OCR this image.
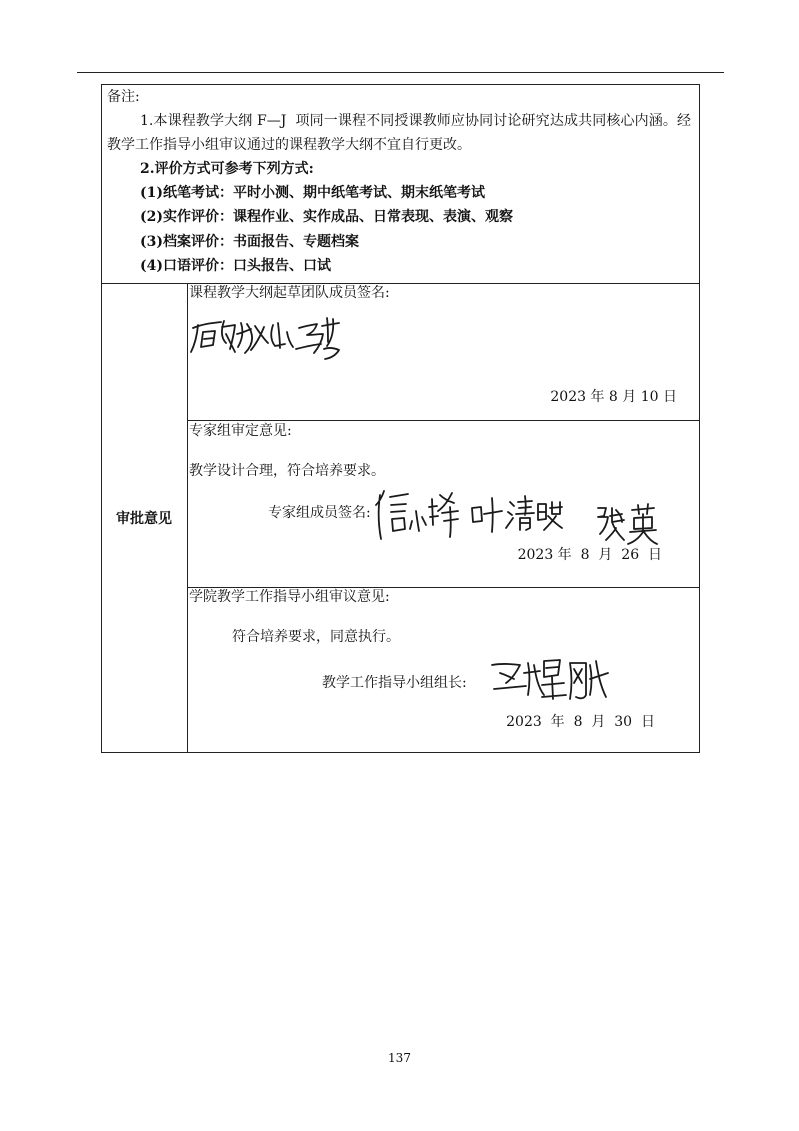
备注:

1.本课程教学大纲 F—J  项同一课程不同授课教师应协同讨论研究达成共同核心内涵。经教学工作指导小组审议通过的课程教学大纲不宜自行更改。

2.评价方式可参考下列方式:

(1)纸笔考试：平时小测、期中纸笔考试、期末纸笔考试

(2)实作评价：课程作业、实作成品、日常表现、表演、观察

(3)档案评价：书面报告、专题档案

(4)口语评价：口头报告、口试

审批意见
课程教学大纲起草团队成员签名:
2023 年 8 月 10 日
专家组审定意见:
教学设计合理，符合培养要求。
专家组成员签名:
2023 年  8  月  26  日
学院教学工作指导小组审议意见:
符合培养要求，同意执行。
教学工作指导小组组长:
2023  年  8  月  30  日
137
